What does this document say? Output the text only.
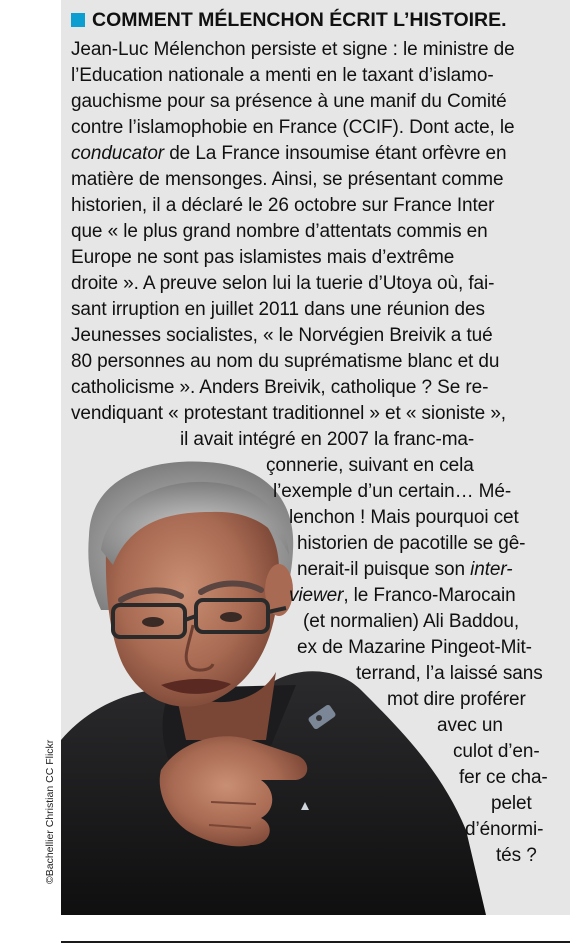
COMMENT MÉLENCHON ÉCRIT L’HISTOIRE.
Jean-Luc Mélenchon persiste et signe : le ministre de
l’Education nationale a menti en le taxant d’islamo-
gauchisme pour sa présence à une manif du Comité
contre l’islamophobie en France (CCIF). Dont acte, le
conducator de La France insoumise étant orfèvre en
matière de mensonges. Ainsi, se présentant comme
historien, il a déclaré le 26 octobre sur France Inter
que « le plus grand nombre d’attentats commis en
Europe ne sont pas islamistes mais d’extrême
droite ». A preuve selon lui la tuerie d’Utoya où, fai-
sant irruption en juillet 2011 dans une réunion des
Jeunesses socialistes, « le Norvégien Breivik a tué
80 personnes au nom du suprématisme blanc et du
catholicisme ». Anders Breivik, catholique ? Se re-
vendiquant « protestant traditionnel » et « sioniste »,
il avait intégré en 2007 la franc-ma-
çonnerie, suivant en cela
l’exemple d’un certain… Mé-
lenchon ! Mais pourquoi cet
historien de pacotille se gê-
nerait-il puisque son inter-
viewer, le Franco-Marocain
(et normalien) Ali Baddou,
ex de Mazarine Pingeot-Mit-
terrand, l’a laissé sans
mot dire proférer
avec un
culot d’en-
fer ce cha-
pelet
d’énormi-
tés ?
©Bachellier Christian CC Flickr
